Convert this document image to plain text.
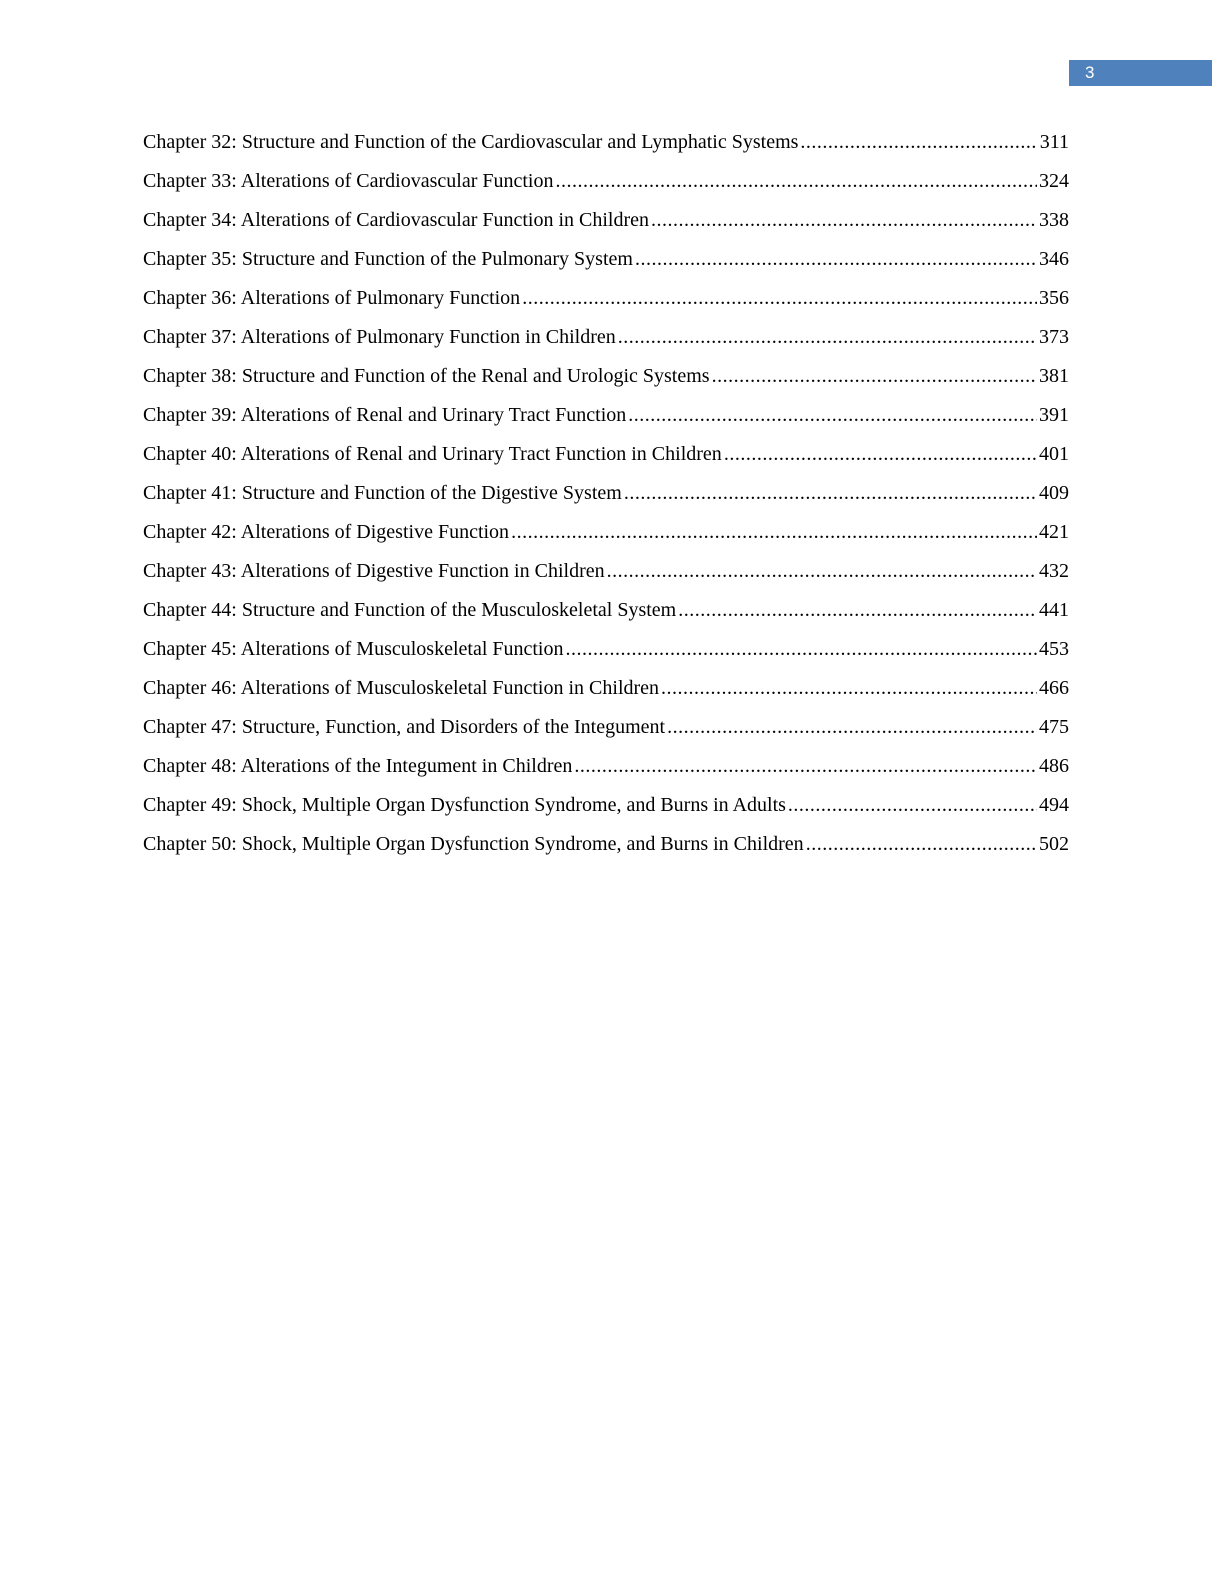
3
Chapter 32: Structure and Function of the Cardiovascular and Lymphatic Systems .....	311
Chapter 33: Alterations of Cardiovascular Function .....	324
Chapter 34: Alterations of Cardiovascular Function in Children .....	338
Chapter 35: Structure and Function of the Pulmonary System .....	346
Chapter 36: Alterations of Pulmonary Function .....	356
Chapter 37: Alterations of Pulmonary Function in Children .....	373
Chapter 38: Structure and Function of the Renal and Urologic Systems .....	381
Chapter 39: Alterations of Renal and Urinary Tract Function .....	391
Chapter 40: Alterations of Renal and Urinary Tract Function in Children .....	401
Chapter 41: Structure and Function of the Digestive System .....	409
Chapter 42: Alterations of Digestive Function .....	421
Chapter 43: Alterations of Digestive Function in Children .....	432
Chapter 44: Structure and Function of the Musculoskeletal System .....	441
Chapter 45: Alterations of Musculoskeletal Function .....	453
Chapter 46: Alterations of Musculoskeletal Function in Children .....	466
Chapter 47: Structure, Function, and Disorders of the Integument .....	475
Chapter 48: Alterations of the Integument in Children .....	486
Chapter 49: Shock, Multiple Organ Dysfunction Syndrome, and Burns in Adults .....	494
Chapter 50: Shock, Multiple Organ Dysfunction Syndrome, and Burns in Children .....	502
